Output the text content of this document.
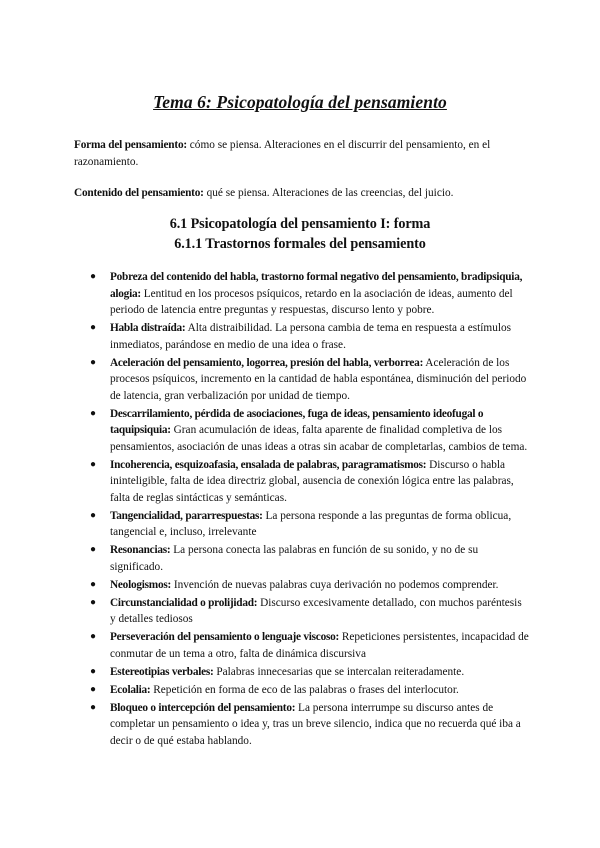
Tema 6: Psicopatología del pensamiento

Forma del pensamiento: cómo se piensa. Alteraciones en el discurrir del pensamiento, en el razonamiento.

Contenido del pensamiento: qué se piensa. Alteraciones de las creencias, del juicio.

6.1 Psicopatología del pensamiento I: forma
6.1.1 Trastornos formales del pensamiento
● Pobreza del contenido del habla, trastorno formal negativo del pensamiento, bradipsiquia, alogia: Lentitud en los procesos psíquicos, retardo en la asociación de ideas, aumento del periodo de latencia entre preguntas y respuestas, discurso lento y pobre.
● Habla distraída: Alta distraibilidad. La persona cambia de tema en respuesta a estímulos inmediatos, parándose en medio de una idea o frase.
● Aceleración del pensamiento, logorrea, presión del habla, verborrea: Aceleración de los procesos psíquicos, incremento en la cantidad de habla espontánea, disminución del periodo de latencia, gran verbalización por unidad de tiempo.
● Descarrilamiento, pérdida de asociaciones, fuga de ideas, pensamiento ideofugal o taquipsiquia: Gran acumulación de ideas, falta aparente de finalidad completiva de los pensamientos, asociación de unas ideas a otras sin acabar de completarlas, cambios de tema.
● Incoherencia, esquizoafasia, ensalada de palabras, paragramatismos: Discurso o habla ininteligible, falta de idea directriz global, ausencia de conexión lógica entre las palabras, falta de reglas sintácticas y semánticas.
● Tangencialidad, pararrespuestas: La persona responde a las preguntas de forma oblicua, tangencial e, incluso, irrelevante
● Resonancias: La persona conecta las palabras en función de su sonido, y no de su significado.
● Neologismos: Invención de nuevas palabras cuya derivación no podemos comprender.
● Circunstancialidad o prolijidad: Discurso excesivamente detallado, con muchos paréntesis y detalles tediosos
● Perseveración del pensamiento o lenguaje viscoso: Repeticiones persistentes, incapacidad de conmutar de un tema a otro, falta de dinámica discursiva
● Estereotipias verbales: Palabras innecesarias que se intercalan reiteradamente.
● Ecolalia: Repetición en forma de eco de las palabras o frases del interlocutor.
● Bloqueo o intercepción del pensamiento: La persona interrumpe su discurso antes de completar un pensamiento o idea y, tras un breve silencio, indica que no recuerda qué iba a decir o de qué estaba hablando.
